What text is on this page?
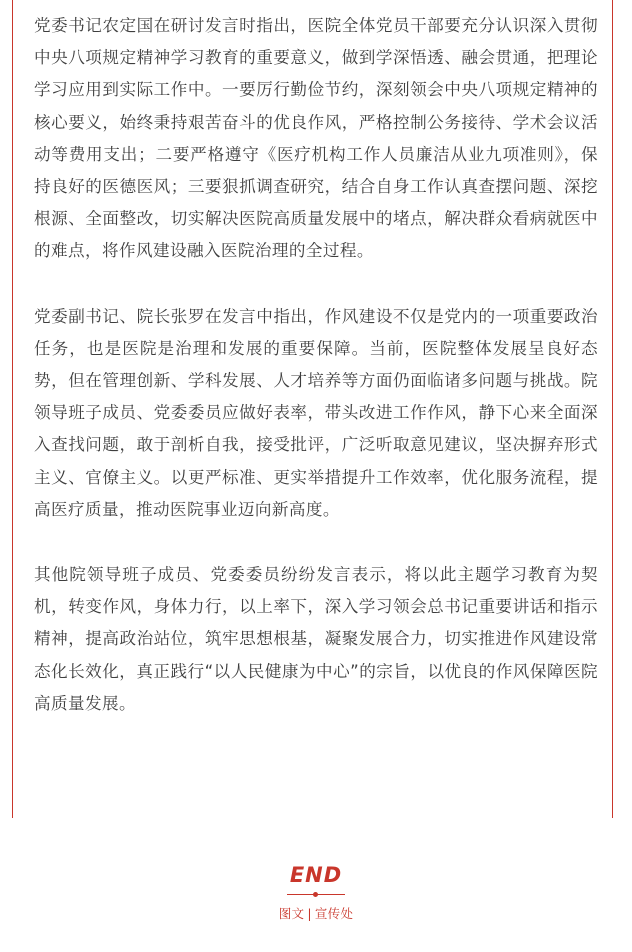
党委书记农定国在研讨发言时指出，医院全体党员干部要充分认识深入贯彻中央八项规定精神学习教育的重要意义，做到学深悟透、融会贯通，把理论学习应用到实际工作中。一要厉行勤俭节约，深刻领会中央八项规定精神的核心要义，始终秉持艰苦奋斗的优良作风，严格控制公务接待、学术会议活动等费用支出；二要严格遵守《医疗机构工作人员廉洁从业九项准则》，保持良好的医德医风；三要狠抓调查研究，结合自身工作认真查摆问题、深挖根源、全面整改，切实解决医院高质量发展中的堵点，解决群众看病就医中的难点，将作风建设融入医院治理的全过程。

党委副书记、院长张罗在发言中指出，作风建设不仅是党内的一项重要政治任务，也是医院是治理和发展的重要保障。当前，医院整体发展呈良好态势，但在管理创新、学科发展、人才培养等方面仍面临诸多问题与挑战。院领导班子成员、党委委员应做好表率，带头改进工作作风，静下心来全面深入查找问题，敢于剖析自我，接受批评，广泛听取意见建议，坚决摒弃形式主义、官僚主义。以更严标准、更实举措提升工作效率，优化服务流程，提高医疗质量，推动医院事业迈向新高度。

其他院领导班子成员、党委委员纷纷发言表示，将以此主题学习教育为契机，转变作风，身体力行，以上率下，深入学习领会总书记重要讲话和指示精神，提高政治站位，筑牢思想根基，凝聚发展合力，切实推进作风建设常态化长效化，真正践行“以人民健康为中心”的宗旨，以优良的作风保障医院高质量发展。

END
图文 | 宣传处
